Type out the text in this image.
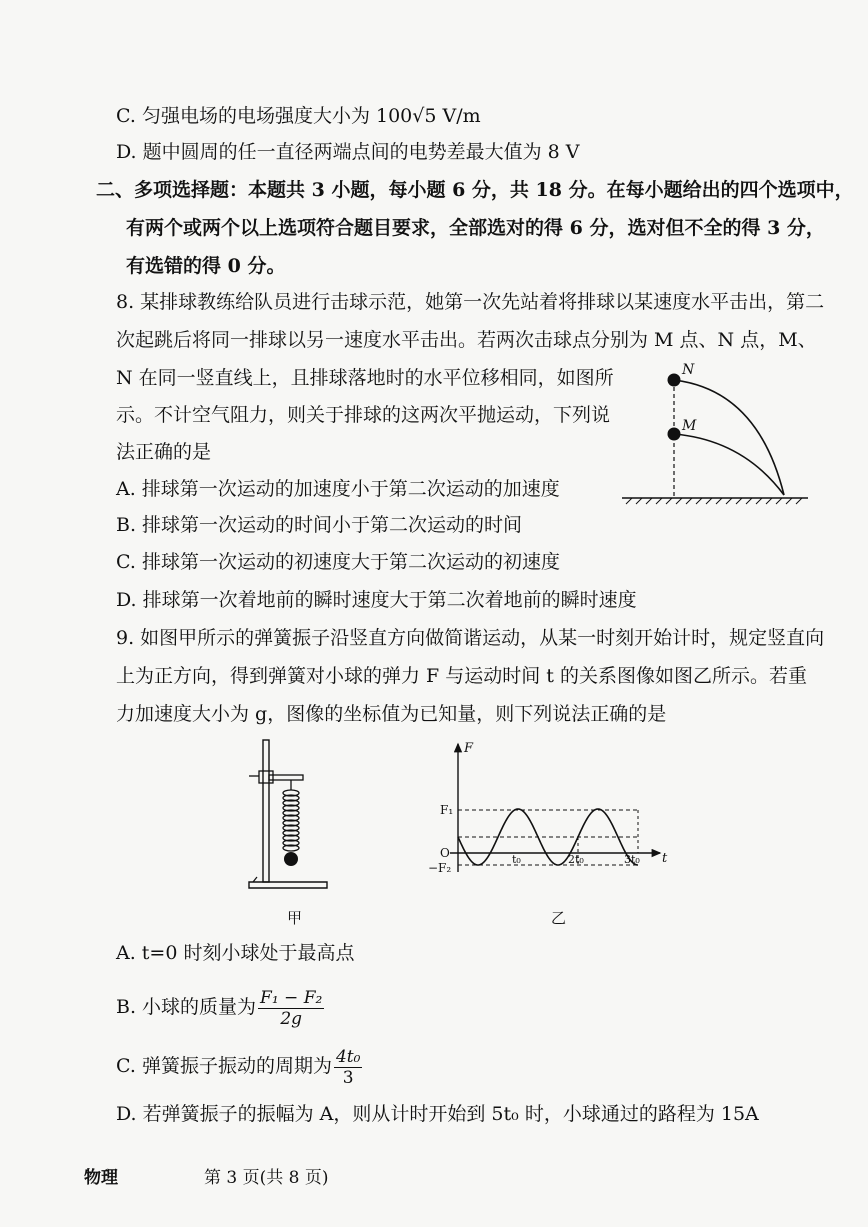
C. 匀强电场的电场强度大小为 100√5 V/m
D. 题中圆周的任一直径两端点间的电势差最大值为 8 V
二、多项选择题：本题共 3 小题，每小题 6 分，共 18 分。在每小题给出的四个选项中，
有两个或两个以上选项符合题目要求，全部选对的得 6 分，选对但不全的得 3 分，
有选错的得 0 分。
8. 某排球教练给队员进行击球示范，她第一次先站着将排球以某速度水平击出，第二
次起跳后将同一排球以另一速度水平击出。若两次击球点分别为 M 点、N 点，M、
N 在同一竖直线上，且排球落地时的水平位移相同，如图所
示。不计空气阻力，则关于排球的这两次平抛运动，下列说
法正确的是
A. 排球第一次运动的加速度小于第二次运动的加速度
B. 排球第一次运动的时间小于第二次运动的时间
C. 排球第一次运动的初速度大于第二次运动的初速度
D. 排球第一次着地前的瞬时速度大于第二次着地前的瞬时速度
N
M
9. 如图甲所示的弹簧振子沿竖直方向做简谐运动，从某一时刻开始计时，规定竖直向
上为正方向，得到弹簧对小球的弹力 F 与运动时间 t 的关系图像如图乙所示。若重
力加速度大小为 g，图像的坐标值为已知量，则下列说法正确的是
甲
F
t
F₁
O
−F₂
t₀	2t₀	3t₀
乙
A. t=0 时刻小球处于最高点
B. 小球的质量为 $\frac{\text{F₁ − F₂}}{2g}$
C. 弹簧振子振动的周期为 $\frac{\text{4t₀}}{3}$
D. 若弹簧振子的振幅为 A，则从计时开始到 5t₀ 时，小球通过的路程为 15A
物理	第 3 页(共 8 页)
